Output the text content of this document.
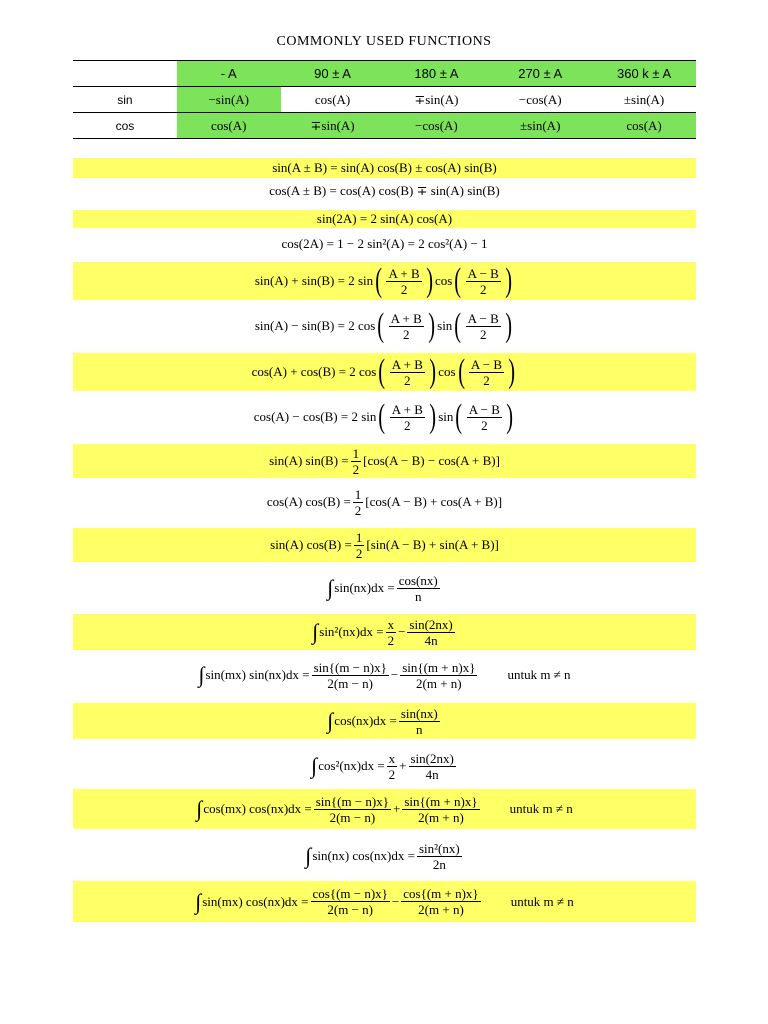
COMMONLY USED FUNCTIONS
	- A	90 ± A	180 ± A	270 ± A	360 k ± A
sin	−sin(A)	cos(A)	∓sin(A)	−cos(A)	±sin(A)
cos	cos(A)	∓sin(A)	−cos(A)	±sin(A)	cos(A)
sin(A ± B) = sin(A) cos(B) ± cos(A) sin(B)
cos(A ± B) = cos(A) cos(B) ∓ sin(A) sin(B)
sin(2A) = 2 sin(A) cos(A)
cos(2A) = 1 − 2 sin²(A) = 2 cos²(A) − 1
sin(A) + sin(B) = 2 sin ( $\frac{A + B}{2}$ ) cos ( $\frac{A - B}{2}$ )
sin(A) − sin(B) = 2 cos ( $\frac{A + B}{2}$ ) sin ( $\frac{A - B}{2}$ )
cos(A) + cos(B) = 2 cos ( $\frac{A + B}{2}$ ) cos ( $\frac{A - B}{2}$ )
cos(A) − cos(B) = 2 sin ( $\frac{A + B}{2}$ ) sin ( $\frac{A - B}{2}$ )
sin(A) $\sin(B) = \frac{1}{2} [\cos(A - B) - \cos(A + B)]$
cos(A) $\cos(B) = \frac{1}{2} [\cos(A - B) + \cos(A + B)]$
sin(A) $\cos(B) = \frac{1}{2} [\sin(A - B) + \sin(A + B)]$
∫ $\sin(nx)dx = \frac{\cos(nx)}{n}$
∫ $\sin^2(nx)dx = \frac{x}{2} - \frac{\sin(2nx)}{4n}$
∫ sin(mx) $\sin(nx)dx = \frac{\sin\{(m - n)x\}}{2(m - n)} - \frac{\sin\{(m + n)x\}}{2(m + n)}$ untuk m ≠ n
∫ $\cos(nx)dx = \frac{\sin(nx)}{n}$
∫ $\cos^2(nx)dx = \frac{x}{2} + \frac{\sin(2nx)}{4n}$
∫ cos(mx) $\cos(nx)dx = \frac{\sin\{(m - n)x\}}{2(m - n)} + \frac{\sin\{(m + n)x\}}{2(m + n)}$ untuk m ≠ n
∫ sin(nx) $\cos(nx)dx = \frac{\text{sin²(nx)}}{2n}$
∫ sin(mx) $\cos(nx)dx = \frac{\cos\{(m - n)x\}}{2(m - n)} - \frac{\cos\{(m + n)x\}}{2(m + n)}$ untuk m ≠ n
